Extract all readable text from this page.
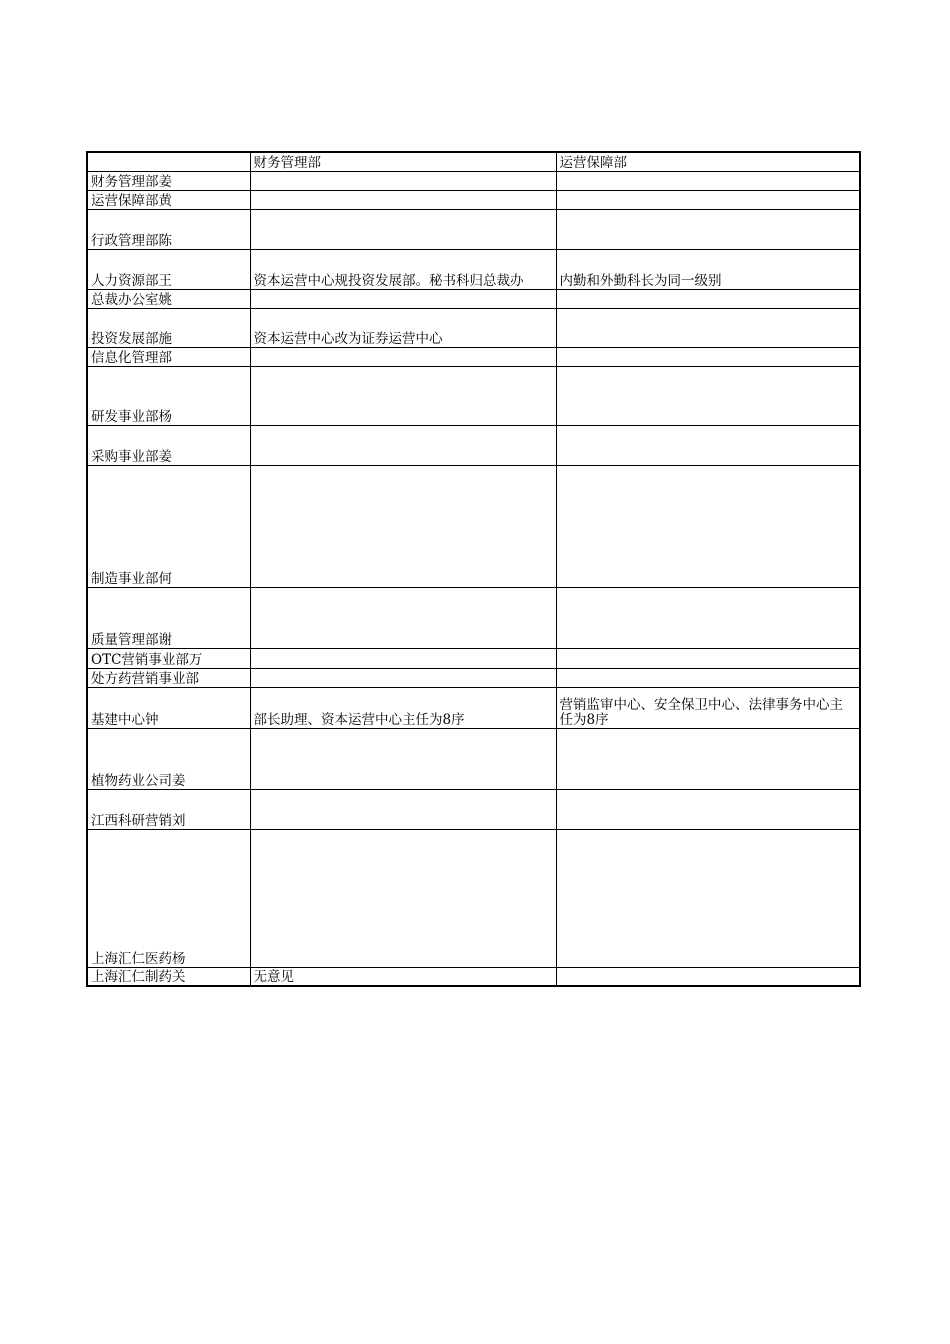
	财务管理部	运营保障部
财务管理部姜		
运营保障部黄		
行政管理部陈		
人力资源部王	资本运营中心规投资发展部。秘书科归总裁办	内勤和外勤科长为同一级别
总裁办公室姚		
投资发展部施	资本运营中心改为证券运营中心	
信息化管理部		
研发事业部杨		
采购事业部姜		
制造事业部何		
质量管理部谢		
OTC营销事业部万		
处方药营销事业部		
基建中心钟	部长助理、资本运营中心主任为8序	营销监审中心、安全保卫中心、法律事务中心主任为8序
植物药业公司姜		
江西科研营销刘		
上海汇仁医药杨		
上海汇仁制药关	无意见	
